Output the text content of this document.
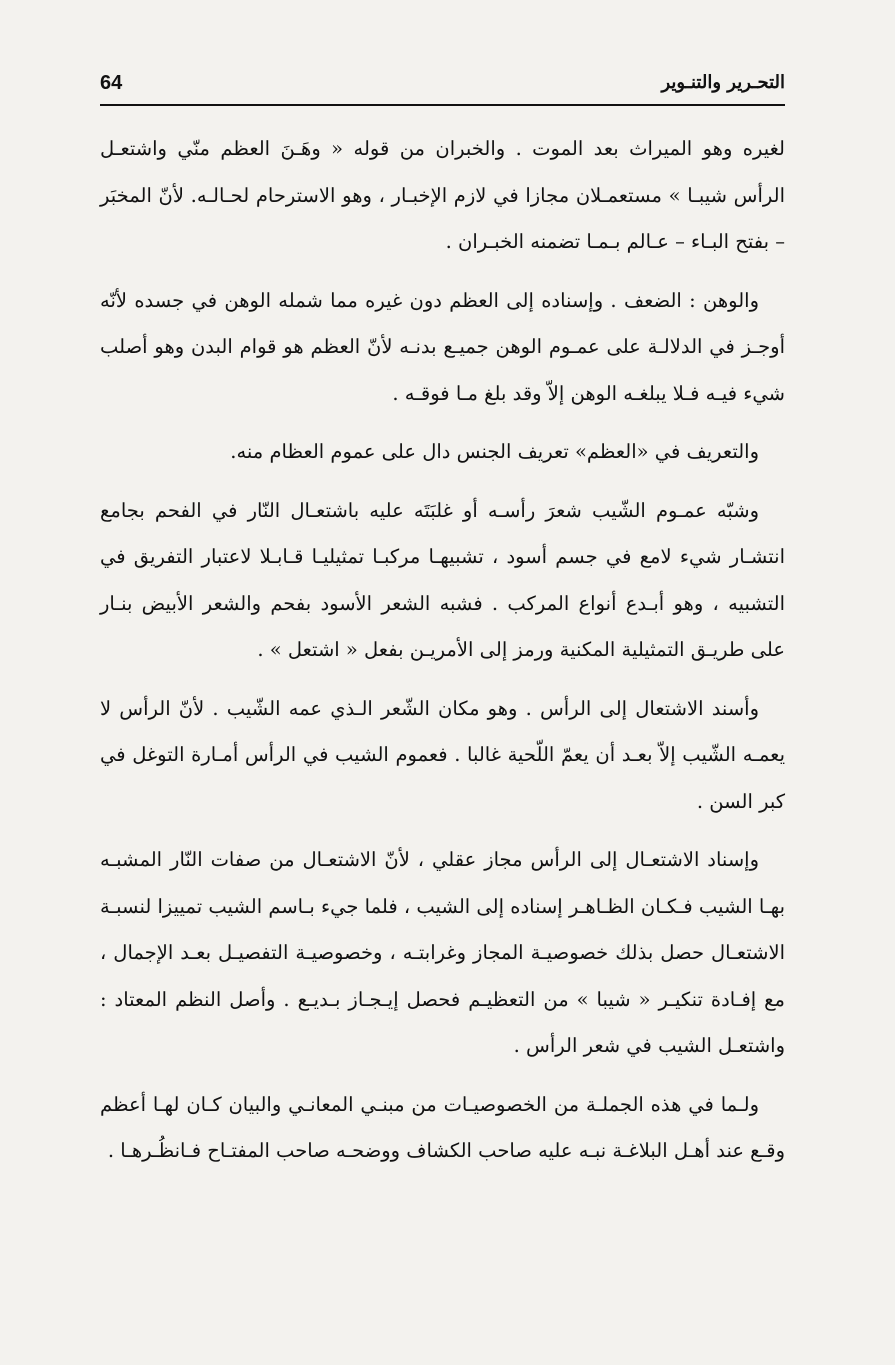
64	التحـرير والتنـوير

لغيره وهو الميراث بعد الموت . والخبران من قوله « وهَـنَ العظم منّي واشتعـل الرأس شيبـا » مستعمـلان مجازا في لازم الإخبـار ، وهو الاسترحام لحـالـه. لأنّ المخبَر – بفتح البـاء – عـالم بـمـا تضمنه الخبـران .

والوهن : الضعف . وإسناده إلى العظم دون غيره مما شمله الوهن في جسده لأنّه أوجـز في الدلالـة على عمـوم الوهن جميـع بدنـه لأنّ العظم هو قوام البدن وهو أصلب شيء فيـه فـلا يبلغـه الوهن إلاّ وقد بلغ مـا فوقـه .

والتعريف في «العظم» تعريف الجنس دال على عموم العظام منه.

وشبّه عمـوم الشّيب شعرَ رأسـه أو غلبَتَه عليه باشتعـال النّار في الفحم بجامع انتشـار شيء لامع في جسم أسود ، تشبيهـا مركبـا تمثيليـا قـابـلا لاعتبار التفريق في التشبيه ، وهو أبـدع أنواع المركب . فشبه الشعر الأسود بفحم والشعر الأبيض بنـار على طريـق التمثيلية المكنية ورمز إلى الأمريـن بفعل « اشتعل » .

وأسند الاشتعال إلى الرأس . وهو مكان الشّعر الـذي عمه الشّيب . لأنّ الرأس لا يعمـه الشّيب إلاّ بعـد أن يعمّ اللّحية غالبا . فعموم الشيب في الرأس أمـارة التوغل في كبر السن .

وإسناد الاشتعـال إلى الرأس مجاز عقلي ، لأنّ الاشتعـال من صفات النّار المشبـه بهـا الشيب فـكـان الظـاهـر إسناده إلى الشيب ، فلما جيء بـاسم الشيب تمييزا لنسبـة الاشتعـال حصل بذلك خصوصيـة المجاز وغرابتـه ، وخصوصيـة التفصيـل بعـد الإجمال ، مع إفـادة تنكيـر « شيبا » من التعظيـم فحصل إيـجـاز بـديـع . وأصل النظم المعتاد : واشتعـل الشيب في شعر الرأس .

ولـما في هذه الجملـة من الخصوصيـات من مبنـي المعانـي والبيان كـان لهـا أعظم وقـع عند أهـل البلاغـة نبـه عليه صاحب الكشاف ووضحـه صاحب المفتـاح فـانظُـرهـا .
